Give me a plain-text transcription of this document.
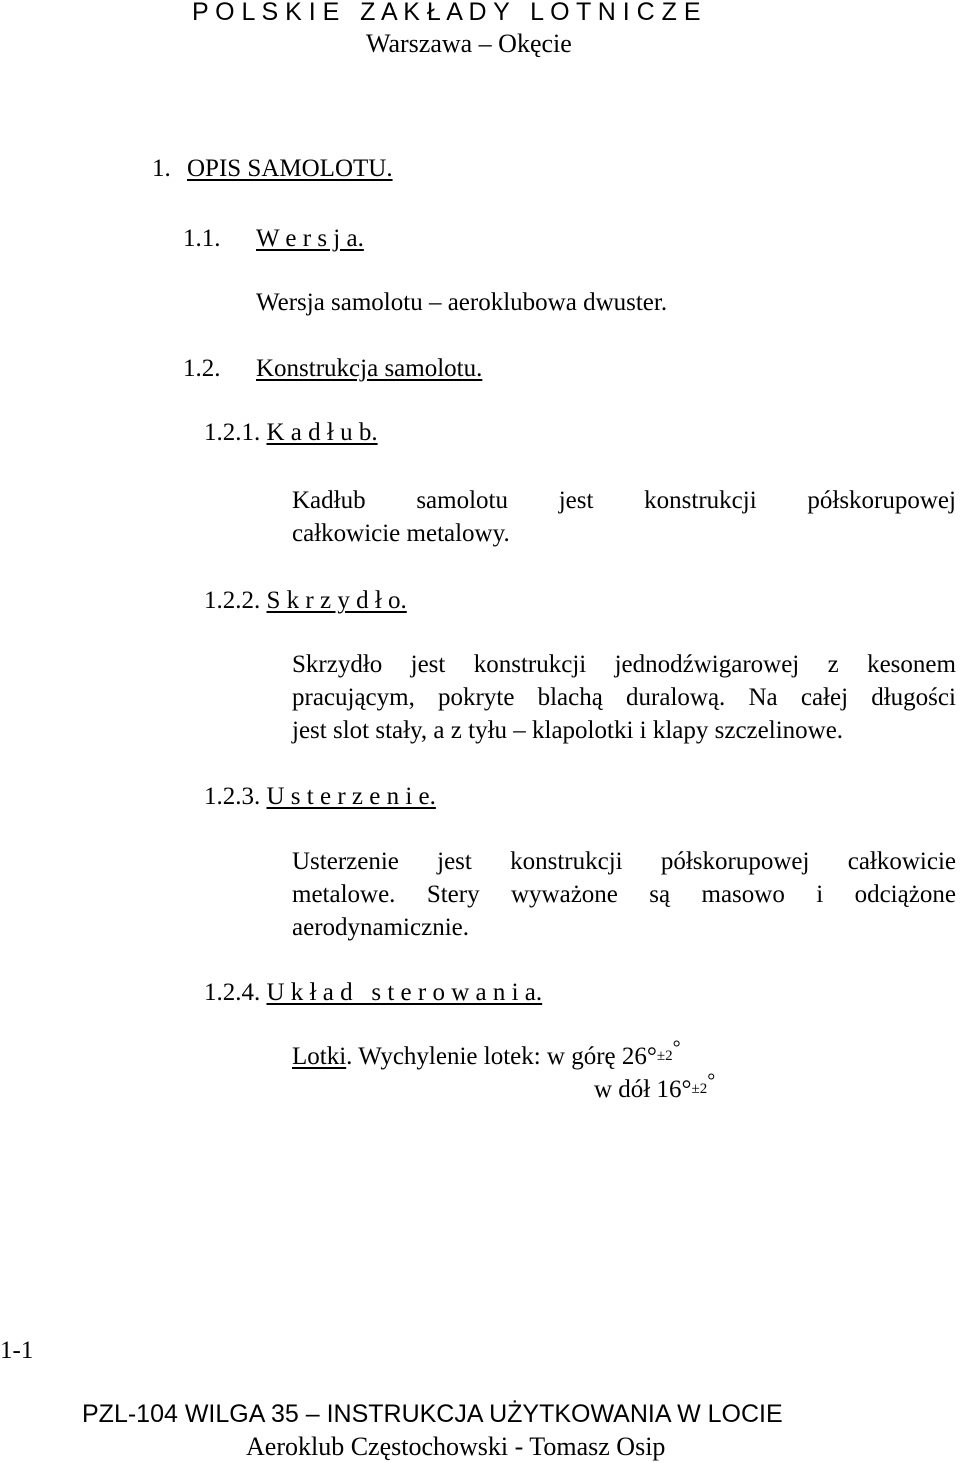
P O L S K I E   Z A K Ł A D Y   L O T N I C Z E
Warszawa – Okęcie
1. OPIS SAMOLOTU.
1.1. W e r s j a.
Wersja samolotu – aeroklubowa dwuster.
1.2. Konstrukcja samolotu.
1.2.1. K a d ł u b.
Kadłub samolotu jest konstrukcji półskorupowej
całkowicie metalowy.
1.2.2. S k r z y d ł o.
Skrzydło jest konstrukcji jednodźwigarowej z kesonem
pracującym, pokryte blachą duralową. Na całej długości
jest slot stały, a z tyłu – klapolotki i klapy szczelinowe.
1.2.3. U s t e r z e n i e.
Usterzenie jest konstrukcji półskorupowej całkowicie
metalowe. Stery wyważone są masowo i odciążone
aerodynamicznie.
1.2.4. U k ł a d   s t e r o w a n i a.
Lotki. Wychylenie lotek: w górę 26°$^{\pm 2^\circ}$
w dół 16°$^{\pm 2^\circ}$
1-1
PZL-104 WILGA 35 – INSTRUKCJA UŻYTKOWANIA W LOCIE
Aeroklub Częstochowski - Tomasz Osip
